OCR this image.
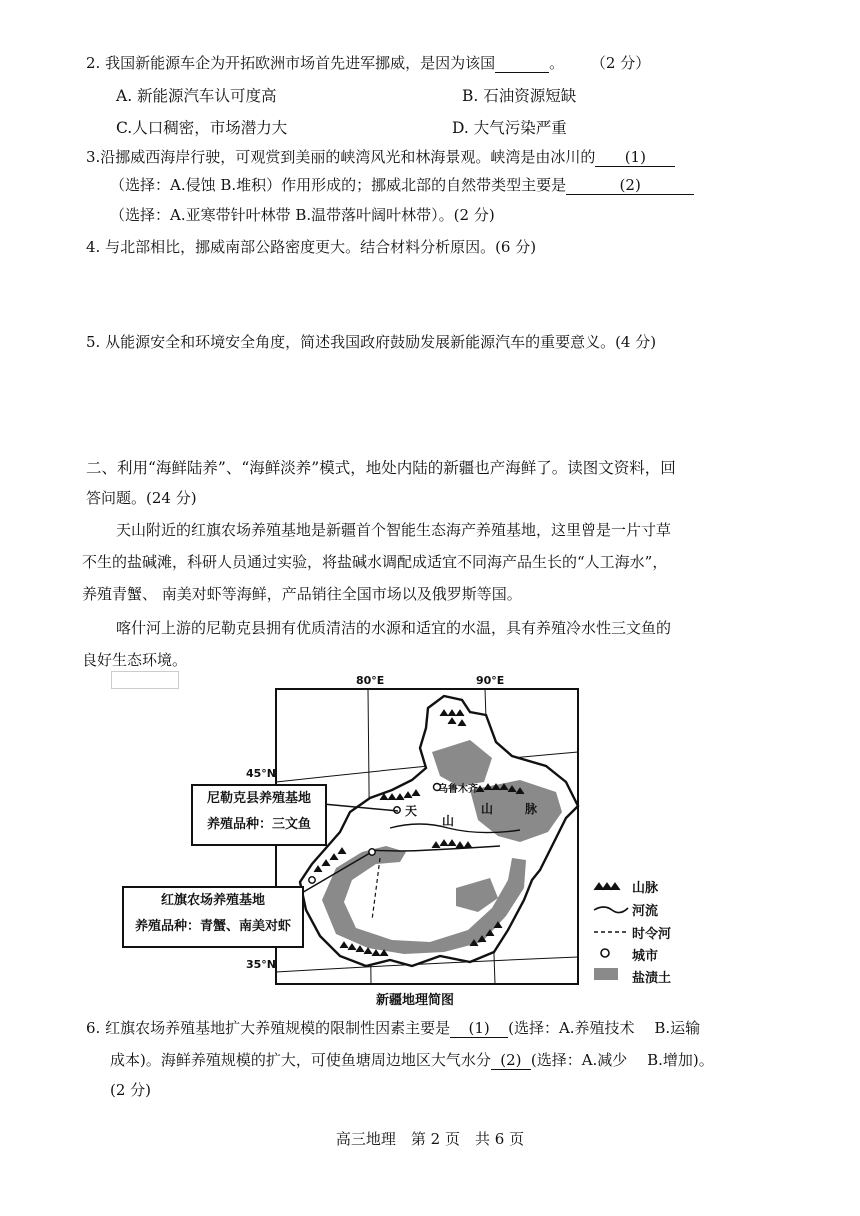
2. 我国新能源车企为开拓欧洲市场首先进军挪威，是因为该国	。 （2 分）
A. 新能源汽车认可度高	B. 石油资源短缺
C.人口稠密，市场潜力大	D. 大气污染严重
3.沿挪威西海岸行驶，可观赏到美丽的峡湾风光和林海景观。峡湾是由冰川的 (1)
（选择：A.侵蚀 B.堆积）作用形成的；挪威北部的自然带类型主要是	(2)
（选择：A.亚寒带针叶林带 B.温带落叶阔叶林带）。(2 分)
4. 与北部相比，挪威南部公路密度更大。结合材料分析原因。(6 分)
5. 从能源安全和环境安全角度，简述我国政府鼓励发展新能源汽车的重要意义。(4 分)
二、利用“海鲜陆养”、“海鲜淡养”模式，地处内陆的新疆也产海鲜了。读图文资料，回
答问题。(24 分)
天山附近的红旗农场养殖基地是新疆首个智能生态海产养殖基地，这里曾是一片寸草
不生的盐碱滩，科研人员通过实验，将盐碱水调配成适宜不同海产品生长的“人工海水”，
养殖青蟹、 南美对虾等海鲜，产品销往全国市场以及俄罗斯等国。
喀什河上游的尼勒克县拥有优质清洁的水源和适宜的水温，具有养殖冷水性三文鱼的
良好生态环境。
80°E	90°E
45°N
35°N
乌鲁木齐
天
山
山	脉
尼勒克县养殖基地
养殖品种：三文鱼
红旗农场养殖基地
养殖品种：青蟹、南美对虾
山脉
河流
时令河
城市
盐渍土
新疆地理简图
6. 红旗农场养殖基地扩大养殖规模的限制性因素主要是 (1) (选择：A.养殖技术　 B.运输
成本)。海鲜养殖规模的扩大，可使鱼塘周边地区大气水分 (2) (选择：A.减少　 B.增加)。
(2 分)
高三地理　第 2 页　共 6 页
